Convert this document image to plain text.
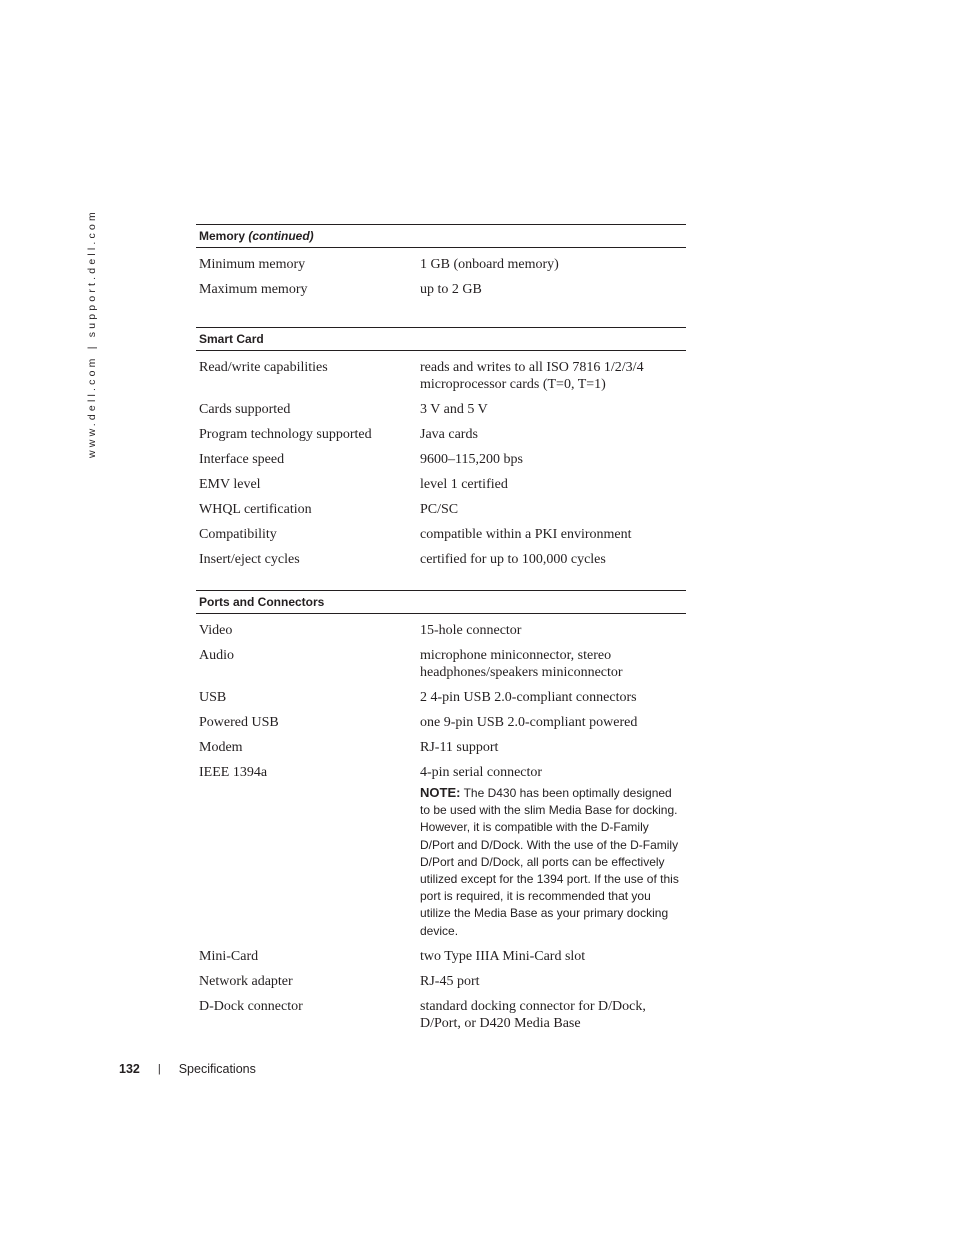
www.dell.com | support.dell.com	Memory (continued)
Minimum memory	1 GB (onboard memory)
Maximum memory	up to 2 GB
Smart Card
Read/write capabilities	reads and writes to all ISO 7816 1/2/3/4 microprocessor cards (T=0, T=1)
Cards supported	3 V and 5 V
Program technology supported	Java cards
Interface speed	9600–115,200 bps
EMV level	level 1 certified
WHQL certification	PC/SC
Compatibility	compatible within a PKI environment
Insert/eject cycles	certified for up to 100,000 cycles
Ports and Connectors
Video	15-hole connector
Audio	microphone miniconnector, stereo headphones/speakers miniconnector
USB	2 4-pin USB 2.0-compliant connectors
Powered USB	one 9-pin USB 2.0-compliant powered
Modem	RJ-11 support
IEEE 1394a	4-pin serial connector
NOTE: The D430 has been optimally designed to be used with the slim Media Base for docking. However, it is compatible with the D-Family D/Port and D/Dock. With the use of the D-Family D/Port and D/Dock, all ports can be effectively utilized except for the 1394 port. If the use of this port is required, it is recommended that you utilize the Media Base as your primary docking device.
Mini-Card	two Type IIIA Mini-Card slot
Network adapter	RJ-45 port
D-Dock connector	standard docking connector for D/Dock, D/Port, or D420 Media Base
132 | Specifications
